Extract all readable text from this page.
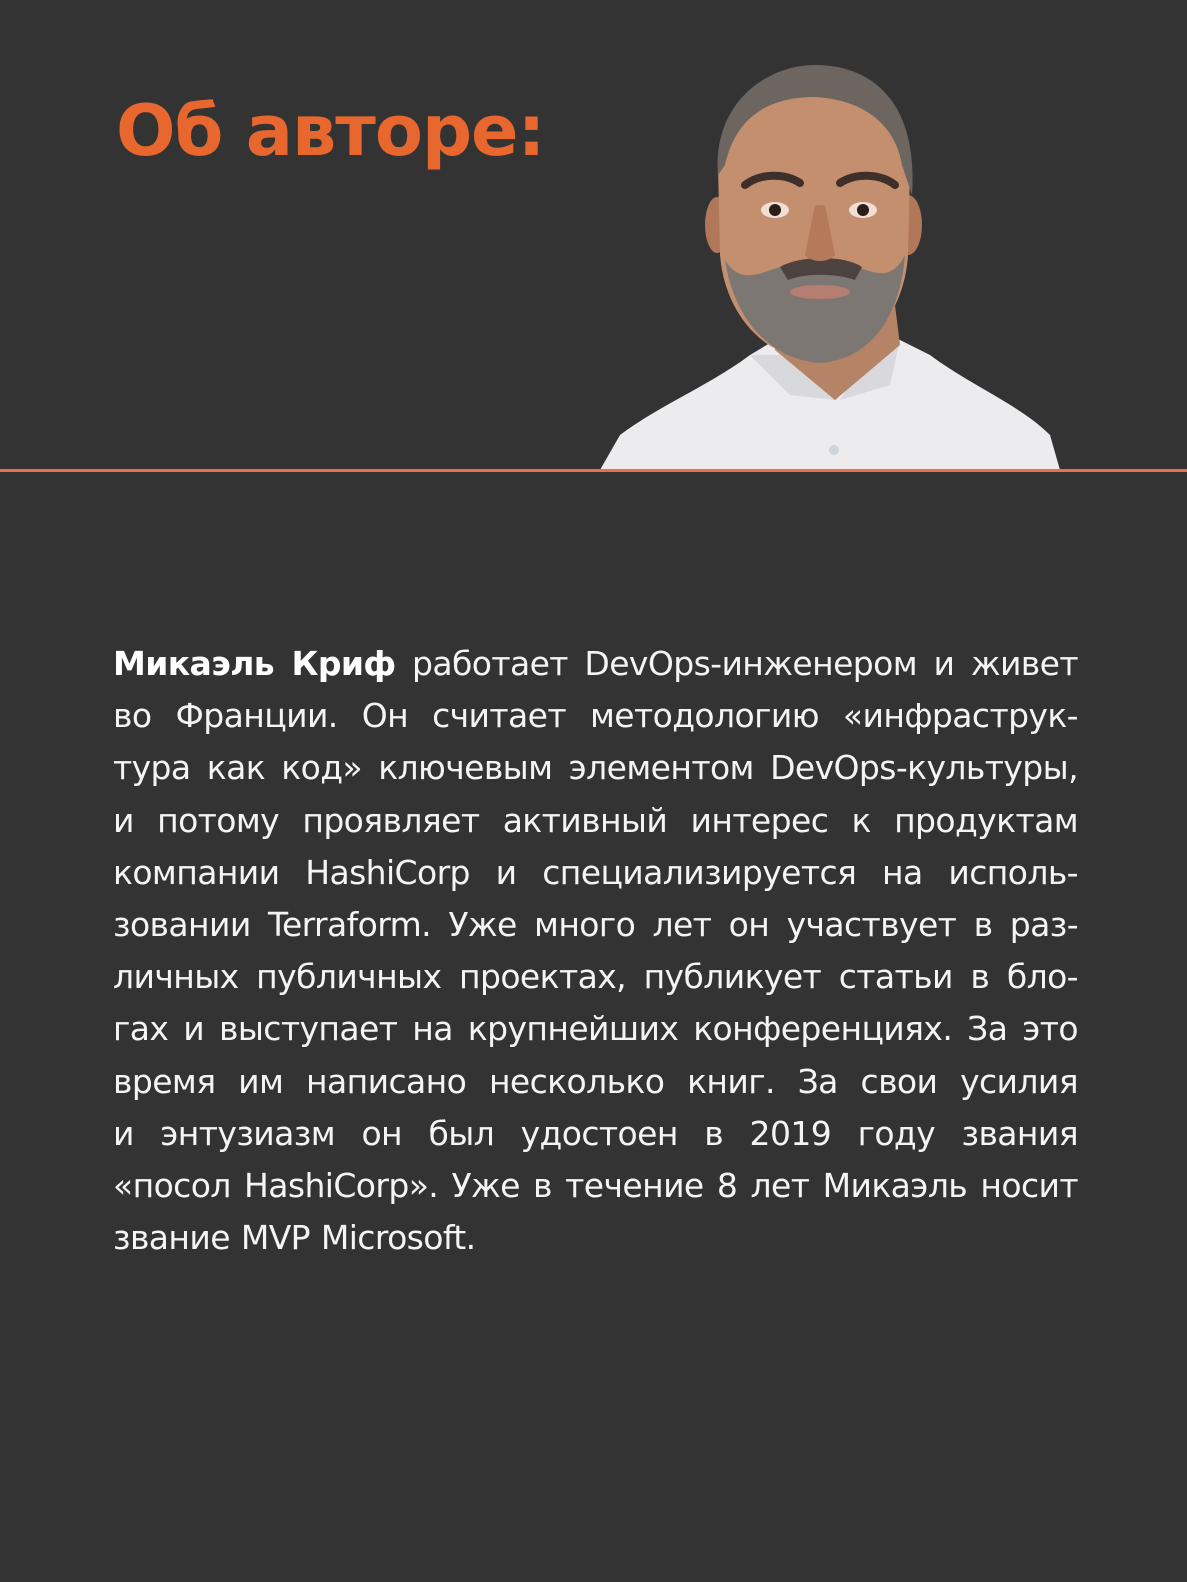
Об авторе:
Микаэль Криф работает DevOps-инженером и живет
во Франции. Он считает методологию «инфраструк-
тура как код» ключевым элементом DevOps-культуры,
и потому проявляет активный интерес к продуктам
компании HashiCorp и специализируется на исполь-
зовании Terraform. Уже много лет он участвует в раз-
личных публичных проектах, публикует статьи в бло-
гах и выступает на крупнейших конференциях. За это
время им написано несколько книг. За свои усилия
и энтузиазм он был удостоен в 2019 году звания
«посол HashiCorp». Уже в течение 8 лет Микаэль носит
звание MVP Microsoft.
